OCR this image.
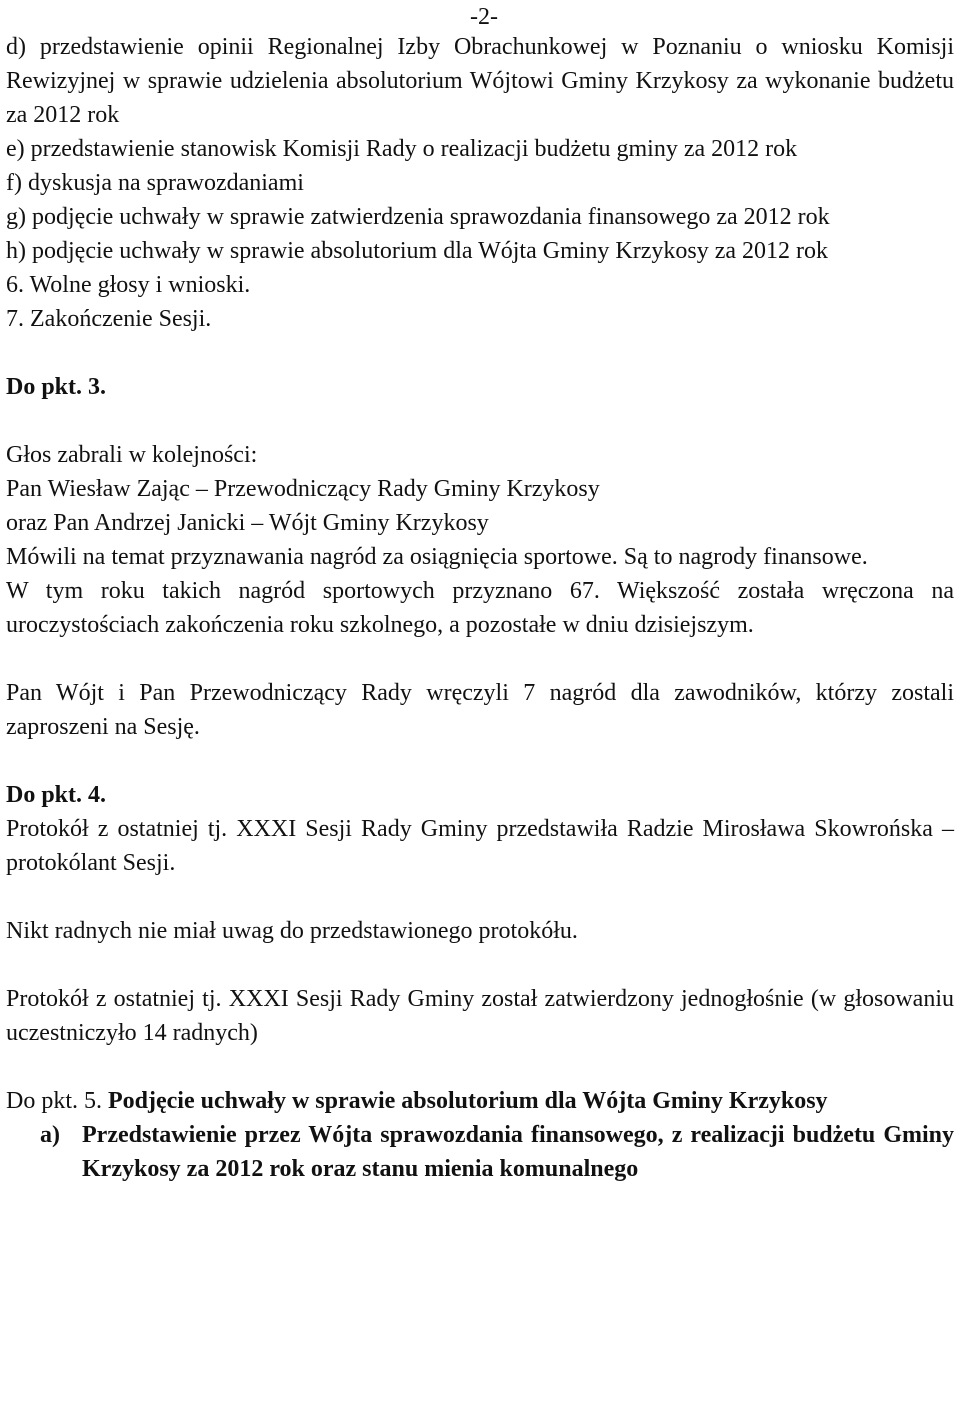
-2-

d) przedstawienie opinii Regionalnej Izby Obrachunkowej w Poznaniu o wniosku Komisji Rewizyjnej w sprawie udzielenia absolutorium Wójtowi Gminy Krzykosy za wykonanie budżetu za 2012 rok

e) przedstawienie stanowisk Komisji Rady o realizacji budżetu gminy za 2012 rok

f) dyskusja na sprawozdaniami

g) podjęcie uchwały w sprawie zatwierdzenia sprawozdania finansowego za 2012 rok

h) podjęcie uchwały w sprawie absolutorium dla Wójta Gminy Krzykosy za 2012 rok

6. Wolne głosy i wnioski.

7. Zakończenie Sesji.

Do pkt. 3.

Głos zabrali w kolejności:

Pan Wiesław Zając – Przewodniczący Rady Gminy Krzykosy

oraz Pan Andrzej Janicki – Wójt Gminy Krzykosy

Mówili na temat przyznawania nagród za osiągnięcia sportowe. Są to nagrody finansowe.

W tym roku takich nagród sportowych przyznano 67. Większość została wręczona na uroczystościach zakończenia roku szkolnego, a pozostałe w dniu dzisiejszym.

Pan Wójt i Pan Przewodniczący Rady wręczyli 7 nagród dla zawodników, którzy zostali zaproszeni na Sesję.

Do pkt. 4.

Protokół z ostatniej tj. XXXI Sesji Rady Gminy przedstawiła Radzie Mirosława Skowrońska – protokólant Sesji.

Nikt radnych nie miał uwag do przedstawionego protokółu.

Protokół z ostatniej tj. XXXI Sesji Rady Gminy został zatwierdzony jednogłośnie (w głosowaniu uczestniczyło 14 radnych)

Do pkt. 5. Podjęcie uchwały w sprawie absolutorium dla Wójta Gminy Krzykosy

a) Przedstawienie przez Wójta sprawozdania finansowego, z realizacji budżetu Gminy Krzykosy za 2012 rok oraz stanu mienia komunalnego
